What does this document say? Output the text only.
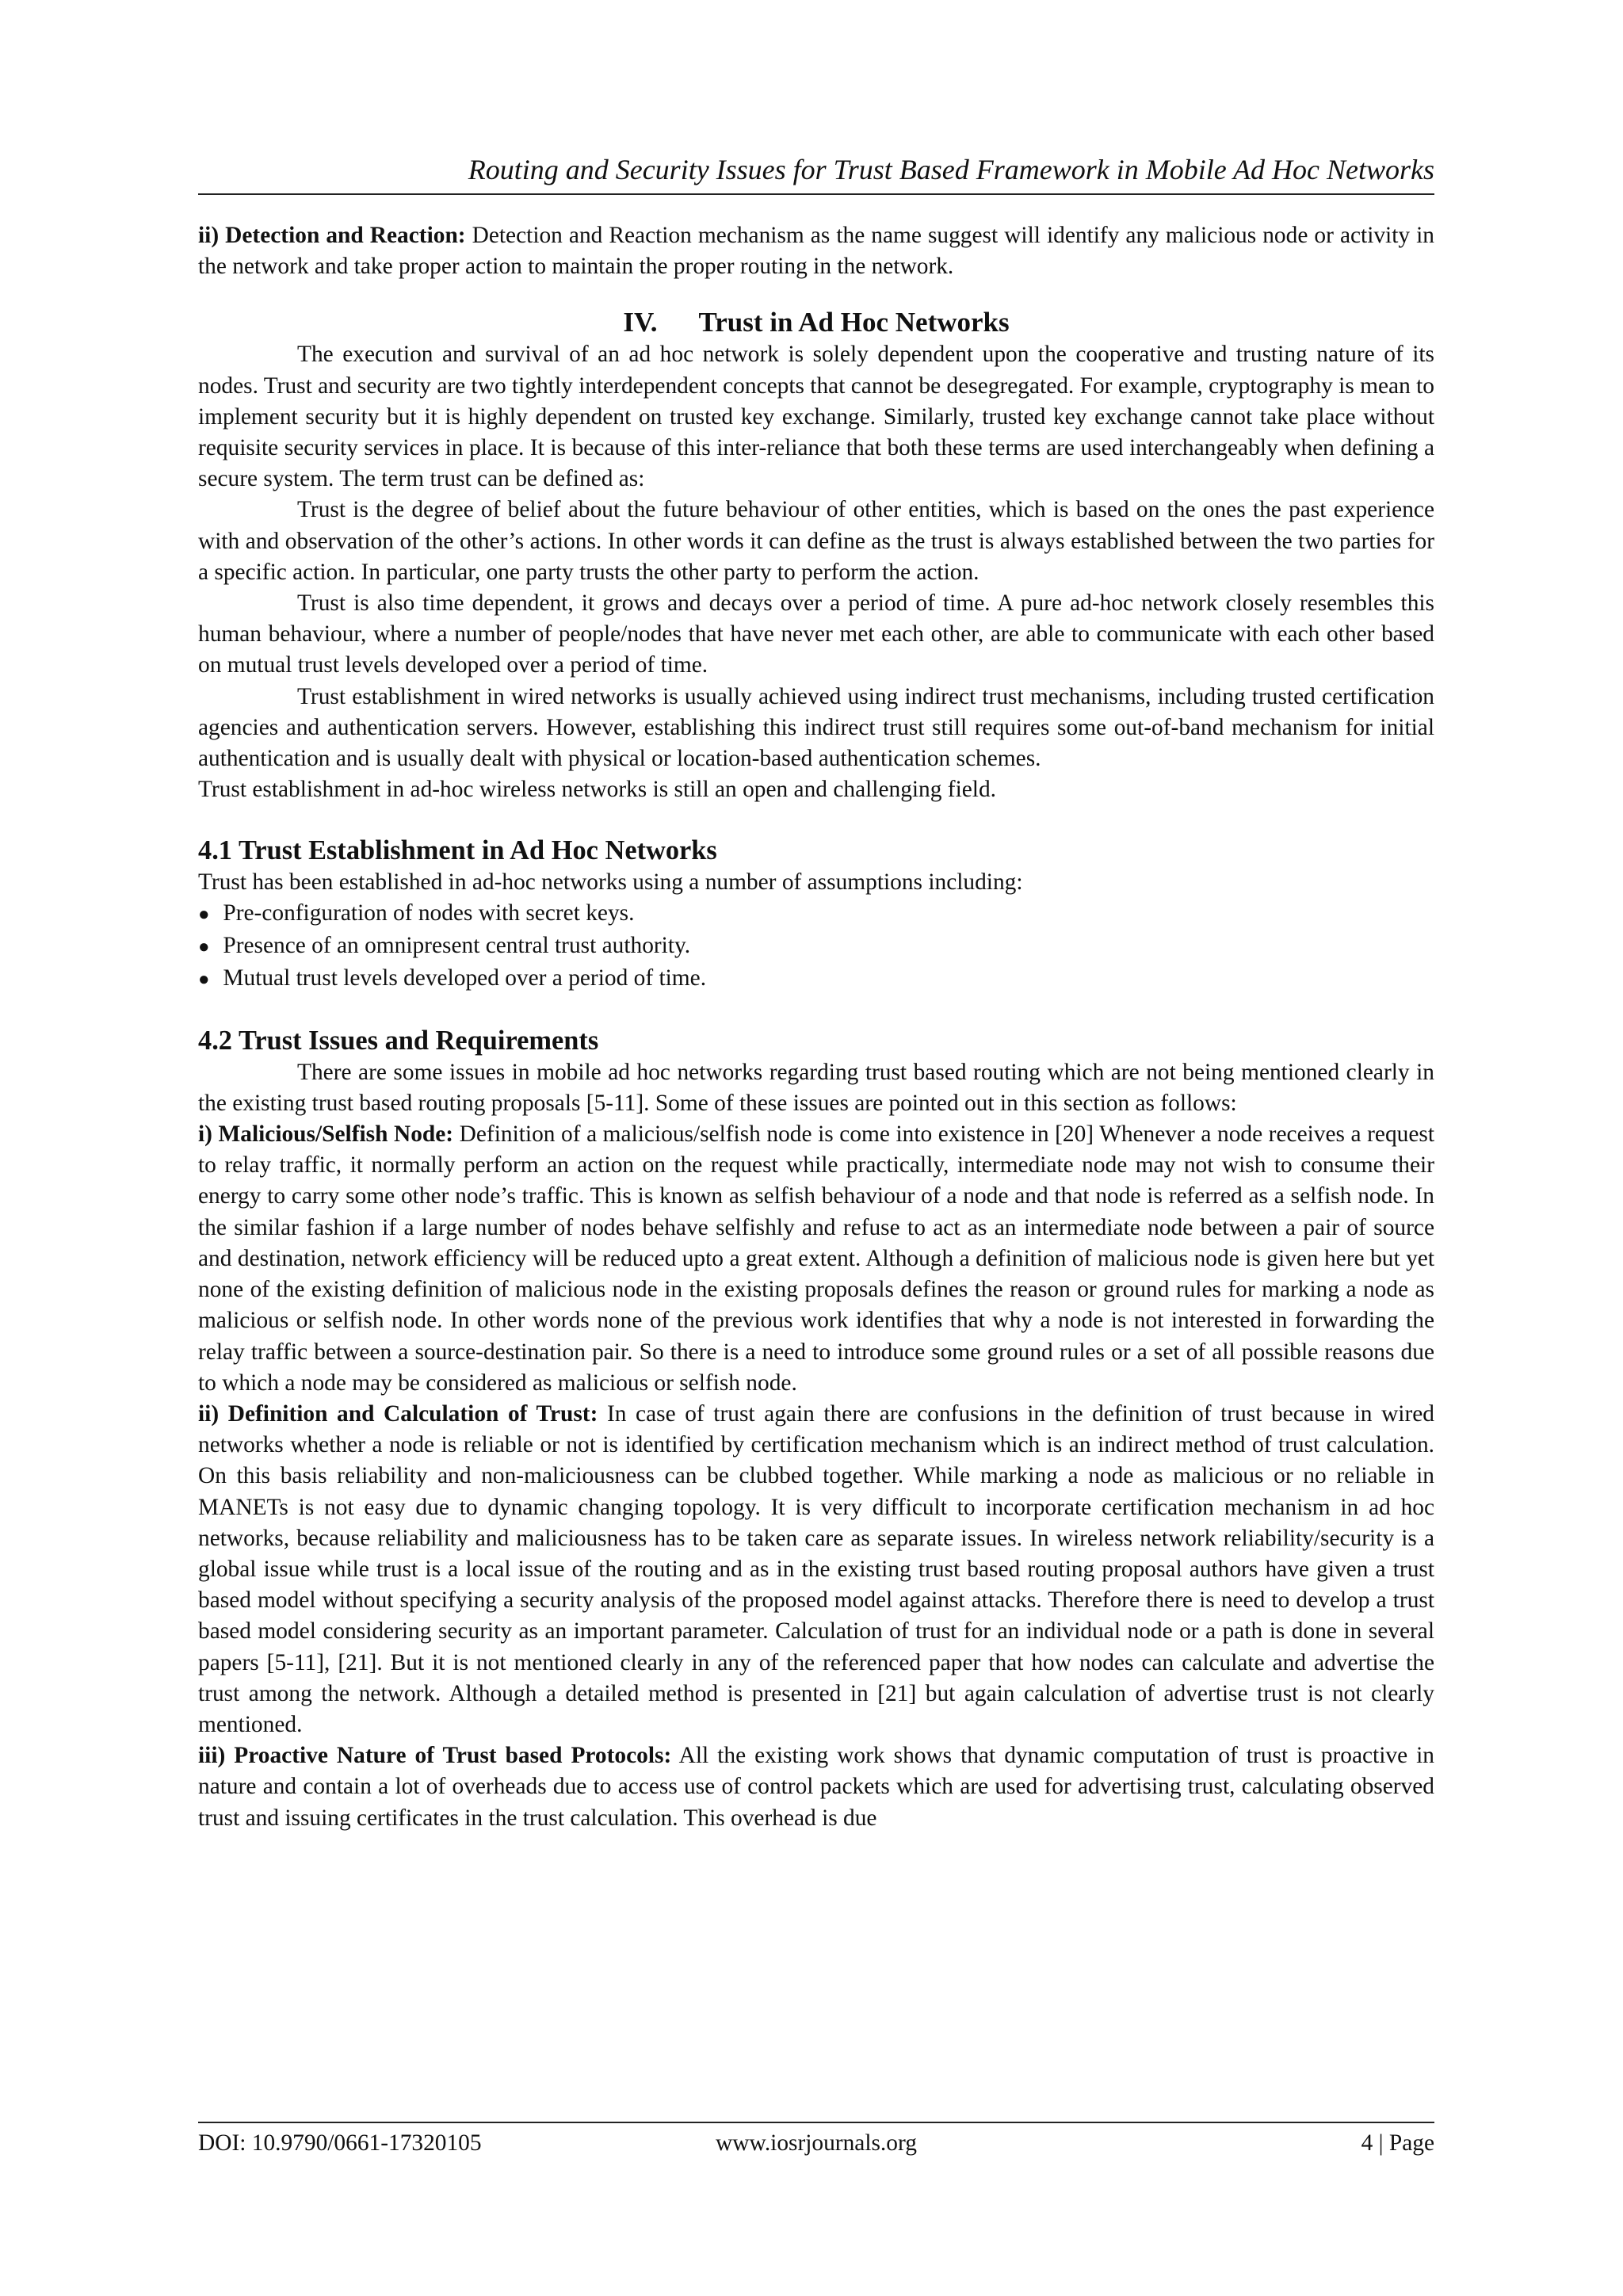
Routing and Security Issues for Trust Based Framework in Mobile Ad Hoc Networks

ii) Detection and Reaction: Detection and Reaction mechanism as the name suggest will identify any malicious node or activity in the network and take proper action to maintain the proper routing in the network.

IV. Trust in Ad Hoc Networks

The execution and survival of an ad hoc network is solely dependent upon the cooperative and trusting nature of its nodes. Trust and security are two tightly interdependent concepts that cannot be desegregated. For example, cryptography is mean to implement security but it is highly dependent on trusted key exchange. Similarly, trusted key exchange cannot take place without requisite security services in place. It is because of this inter-reliance that both these terms are used interchangeably when defining a secure system. The term trust can be defined as:

Trust is the degree of belief about the future behaviour of other entities, which is based on the ones the past experience with and observation of the other’s actions. In other words it can define as the trust is always established between the two parties for a specific action. In particular, one party trusts the other party to perform the action.

Trust is also time dependent, it grows and decays over a period of time. A pure ad-hoc network closely resembles this human behaviour, where a number of people/nodes that have never met each other, are able to communicate with each other based on mutual trust levels developed over a period of time.

Trust establishment in wired networks is usually achieved using indirect trust mechanisms, including trusted certification agencies and authentication servers. However, establishing this indirect trust still requires some out-of-band mechanism for initial authentication and is usually dealt with physical or location-based authentication schemes.

Trust establishment in ad-hoc wireless networks is still an open and challenging field.

4.1 Trust Establishment in Ad Hoc Networks

Trust has been established in ad-hoc networks using a number of assumptions including:

● Pre-configuration of nodes with secret keys.
● Presence of an omnipresent central trust authority.
● Mutual trust levels developed over a period of time.
4.2 Trust Issues and Requirements

There are some issues in mobile ad hoc networks regarding trust based routing which are not being mentioned clearly in the existing trust based routing proposals [5-11]. Some of these issues are pointed out in this section as follows:

i) Malicious/Selfish Node: Definition of a malicious/selfish node is come into existence in [20] Whenever a node receives a request to relay traffic, it normally perform an action on the request while practically, intermediate node may not wish to consume their energy to carry some other node’s traffic. This is known as selfish behaviour of a node and that node is referred as a selfish node. In the similar fashion if a large number of nodes behave selfishly and refuse to act as an intermediate node between a pair of source and destination, network efficiency will be reduced upto a great extent. Although a definition of malicious node is given here but yet none of the existing definition of malicious node in the existing proposals defines the reason or ground rules for marking a node as malicious or selfish node. In other words none of the previous work identifies that why a node is not interested in forwarding the relay traffic between a source-destination pair. So there is a need to introduce some ground rules or a set of all possible reasons due to which a node may be considered as malicious or selfish node.

ii) Definition and Calculation of Trust: In case of trust again there are confusions in the definition of trust because in wired networks whether a node is reliable or not is identified by certification mechanism which is an indirect method of trust calculation. On this basis reliability and non-maliciousness can be clubbed together. While marking a node as malicious or no reliable in MANETs is not easy due to dynamic changing topology. It is very difficult to incorporate certification mechanism in ad hoc networks, because reliability and maliciousness has to be taken care as separate issues. In wireless network reliability/security is a global issue while trust is a local issue of the routing and as in the existing trust based routing proposal authors have given a trust based model without specifying a security analysis of the proposed model against attacks. Therefore there is need to develop a trust based model considering security as an important parameter. Calculation of trust for an individual node or a path is done in several papers [5-11], [21]. But it is not mentioned clearly in any of the referenced paper that how nodes can calculate and advertise the trust among the network. Although a detailed method is presented in [21] but again calculation of advertise trust is not clearly mentioned.

iii) Proactive Nature of Trust based Protocols: All the existing work shows that dynamic computation of trust is proactive in nature and contain a lot of overheads due to access use of control packets which are used for advertising trust, calculating observed trust and issuing certificates in the trust calculation. This overhead is due

DOI: 10.9790/0661-17320105	www.iosrjournals.org	4 | Page
